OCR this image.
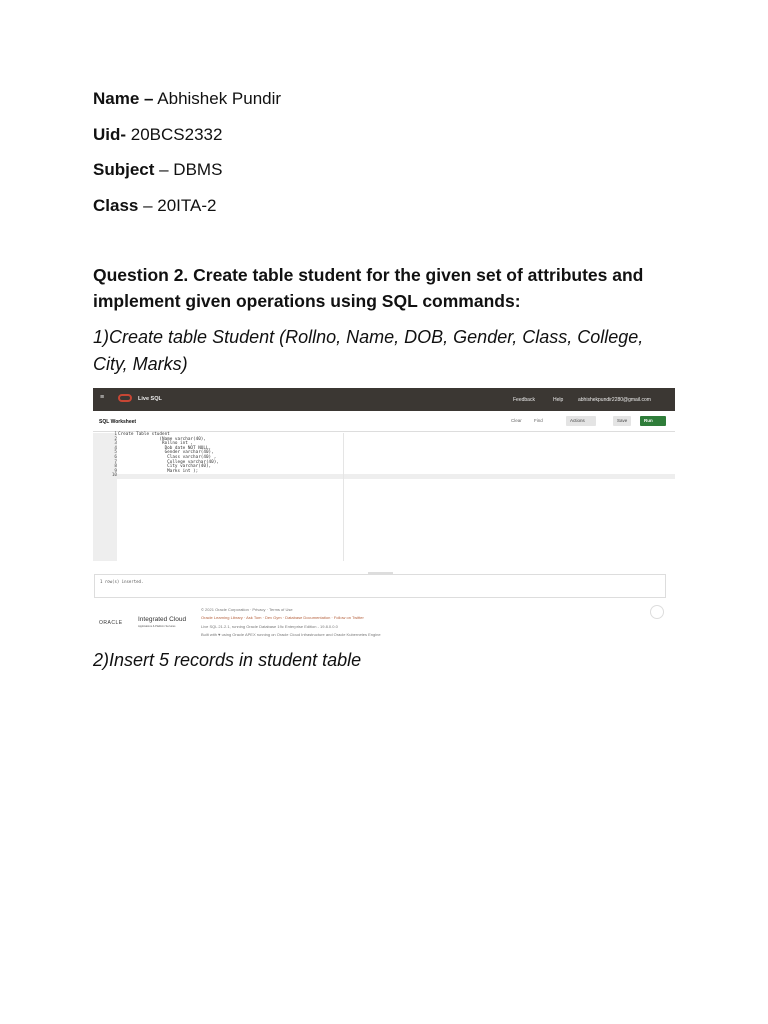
Name – Abhishek Pundir
Uid- 20BCS2332
Subject – DBMS
Class – 20ITA-2
Question 2. Create table student for the given set of attributes and
implement given operations using SQL commands:
1)Create table Student (Rollno, Name, DOB, Gender, Class, College,
City, Marks)
≡	Live SQL	Feedback	Help	abhishekpundir2280@gmail.com
SQL Worksheet	Clear	Find	Actions	Save	Run
1
2
3
4
5
6
7
8
9
10
Create Table student
(Name varchar(40),
Rollno int ,
Dob date NOT NULL,
Gender varchar(40),
Class varchar(40) ,
College varchar(40),
City varchar(40),
Marks int );
1 row(s) inserted.
ORACLE Integrated Cloud
Applications & Platform Services
© 2021 Oracle Corporation · Privacy · Terms of Use
Oracle Learning Library · Ask Tom · Dev Gym · Database Documentation · Follow on Twitter
Live SQL 21.2.1, running Oracle Database 19c Enterprise Edition - 19.8.0.0.0
Built with ♥ using Oracle APEX running on Oracle Cloud Infrastructure and Oracle Kubernetes Engine
2)Insert 5 records in student table
